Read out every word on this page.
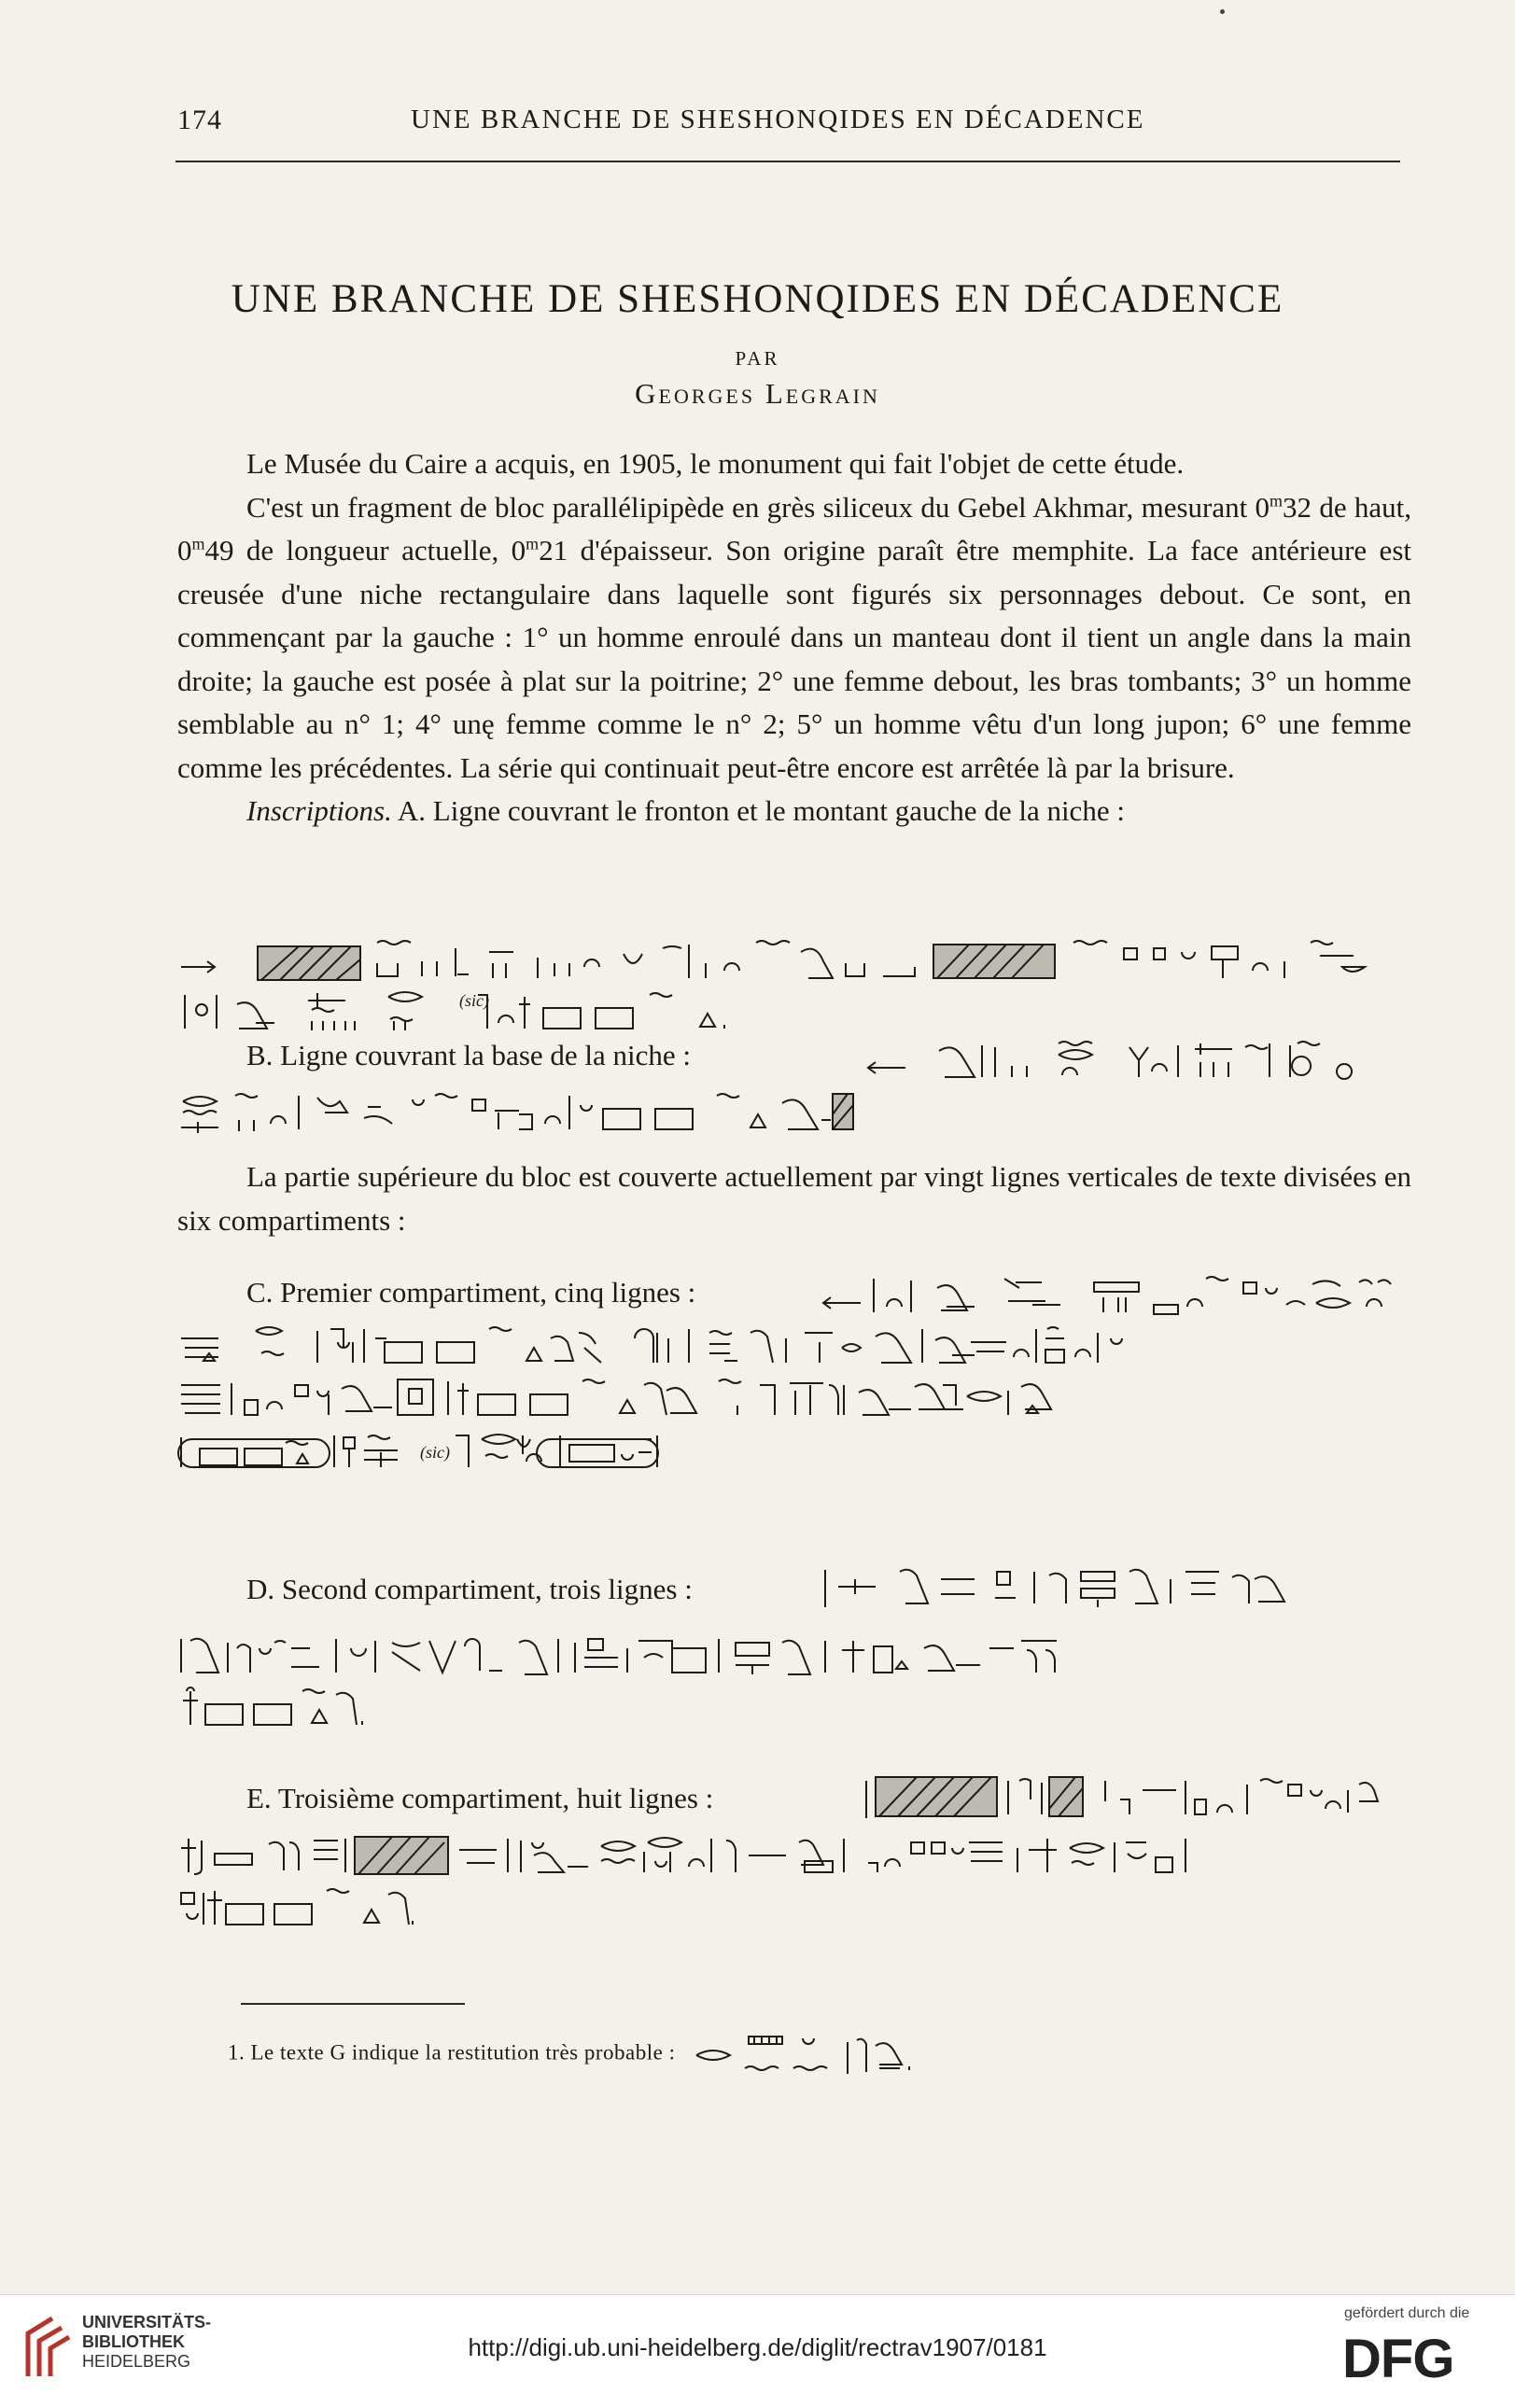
174	UNE BRANCHE DE SHESHONQIDES EN DÉCADENCE
UNE BRANCHE DE SHESHONQIDES EN DÉCADENCE
PAR
Georges Legrain

Le Musée du Caire a acquis, en 1905, le monument qui fait l'objet de cette étude.

C'est un fragment de bloc parallélipipède en grès siliceux du Gebel Akhmar, mesurant 0$^m$32 de haut, 0$^m$49 de longueur actuelle, 0$^m$21 d'épaisseur. Son origine paraît être memphite. La face antérieure est creusée d'une niche rectangulaire dans laquelle sont figurés six personnages debout. Ce sont, en commençant par la gauche : 1° un homme enroulé dans un manteau dont il tient un angle dans la main droite; la gauche est posée à plat sur la poitrine; 2° une femme debout, les bras tombants; 3° un homme semblable au n° 1; 4° unę femme comme le n° 2; 5° un homme vêtu d'un long jupon; 6° une femme comme les précédentes. La série qui continuait peut-être encore est arrêtée là par la brisure.

Inscriptions. A. Ligne couvrant le fronton et le montant gauche de la niche :

(sic)

B. Ligne couvrant la base de la niche :

La partie supérieure du bloc est couverte actuellement par vingt lignes verticales de texte divisées en six compartiments :

C. Premier compartiment, cinq lignes :

(sic)

D. Second compartiment, trois lignes :

E. Troisième compartiment, huit lignes :

1. Le texte G indique la restitution très probable :
UNIVERSITÄTS-
BIBLIOTHEK
HEIDELBERG	http://digi.ub.uni-heidelberg.de/diglit/rectrav1907/0181
gefördert durch die
DFG
